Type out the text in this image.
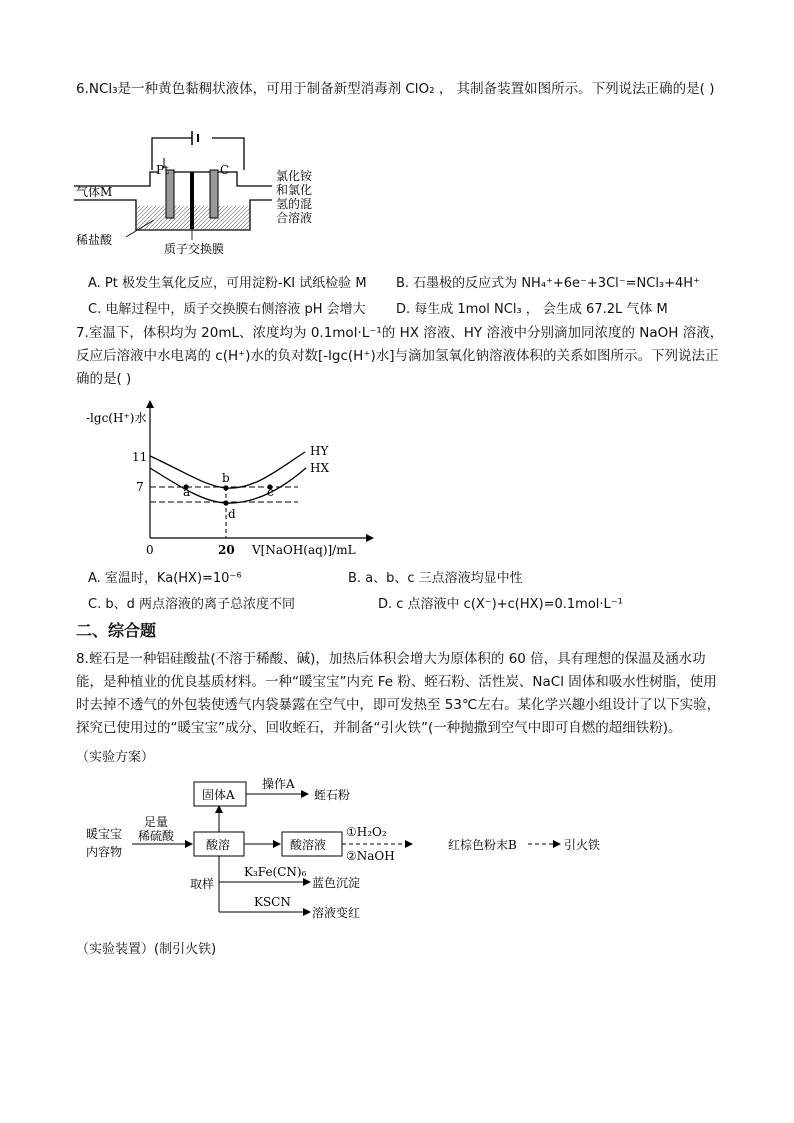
6.NCl₃是一种黄色黏稠状液体，可用于制备新型消毒剂 ClO₂ ， 其制备装置如图所示。下列说法正确的是( )
Pt	C
气体M
氯化铵
和氯化
氢的混
合溶液
稀盐酸
质子交换膜
A. Pt 极发生氧化反应，可用淀粉-KI 试纸检验 M B. 石墨极的反应式为 NH₄⁺+6e⁻+3Cl⁻=NCl₃+4H⁺
C. 电解过程中，质子交换膜右侧溶液 pH 会增大 D. 每生成 1mol NCl₃ ， 会生成 67.2L 气体 M
7.室温下，体积均为 20mL、浓度均为 0.1mol·L⁻¹的 HX 溶液、HY 溶液中分别滴加同浓度的 NaOH 溶液，反应后溶液中水电离的 c(H⁺)水的负对数[-lgc(H⁺)水]与滴加氢氧化钠溶液体积的关系如图所示。下列说法正确的是( )
a
b
c
d
-lgc(H⁺)水
11
7
0	20 V[NaOH(aq)]/mL
HY
HX
A. 室温时，Ka(HX)=10⁻⁶	B. a、b、c 三点溶液均显中性
C. b、d 两点溶液的离子总浓度不同	D. c 点溶液中 c(X⁻)+c(HX)=0.1mol·L⁻¹
二、综合题
8.蛭石是一种铝硅酸盐(不溶于稀酸、碱)，加热后体积会增大为原体积的 60 倍，具有理想的保温及涵水功能，是种植业的优良基质材料。一种“暖宝宝”内充 Fe 粉、蛭石粉、活性炭、NaCl 固体和吸水性树脂，使用时去掉不透气的外包装使透气内袋暴露在空气中，即可发热至 53℃左右。某化学兴趣小组设计了以下实验，探究已使用过的“暖宝宝”成分、回收蛭石，并制备“引火铁”(一种抛撒到空气中即可自燃的超细铁粉)。
（实验方案）
暖宝宝
内容物
足量
稀硫酸
酸溶
固体A
操作A
蛭石粉
酸溶液
①H₂O₂
②NaOH
红棕色粉末B	引火铁
取样
K₃Fe(CN)₆
蓝色沉淀
KSCN
溶液变红
（实验装置）(制引火铁)
